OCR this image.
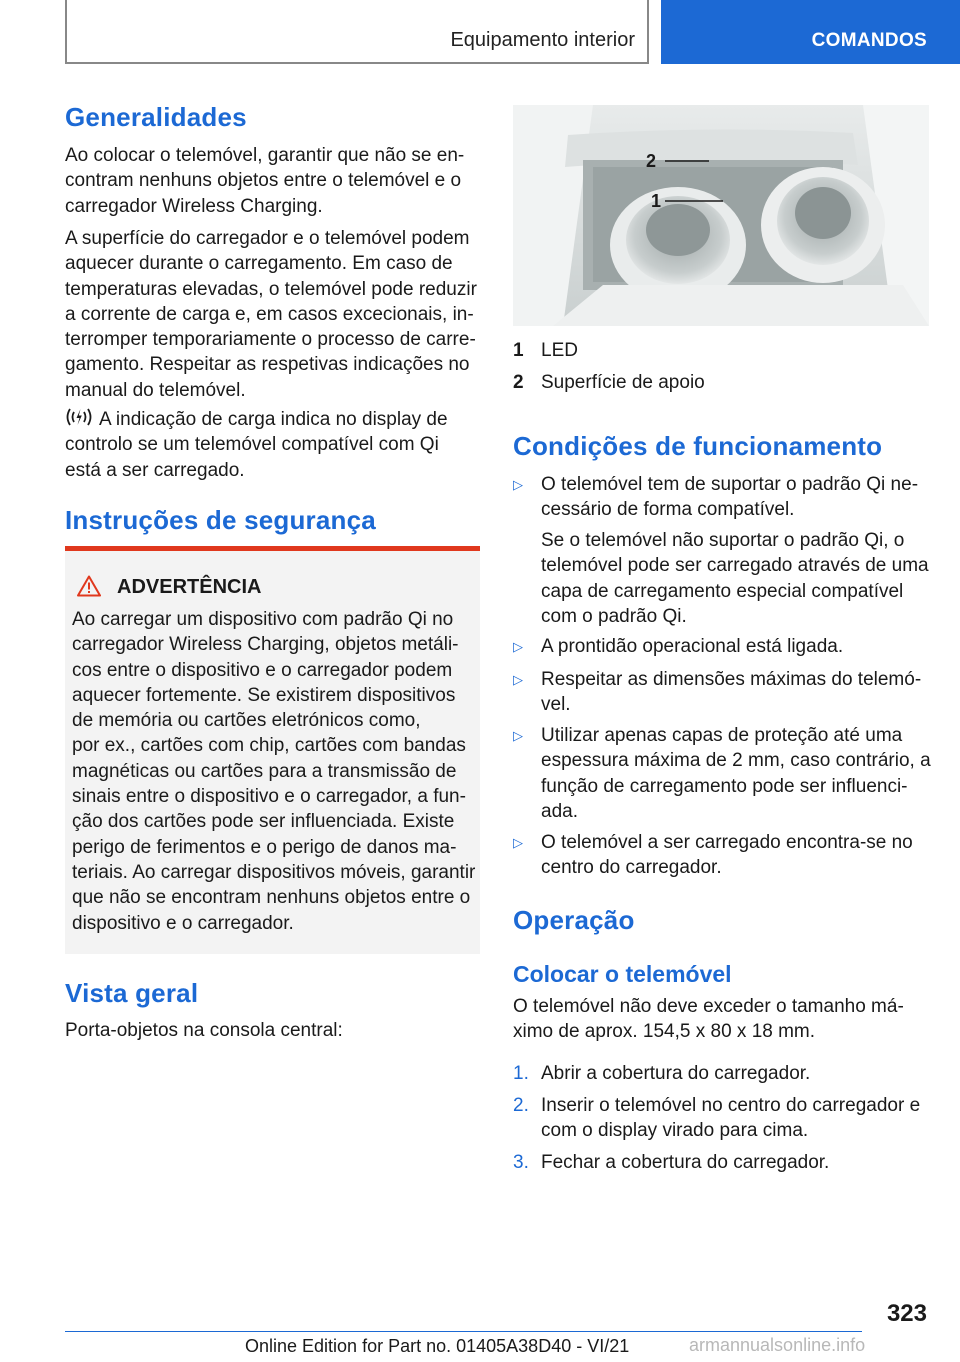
Equipamento interior	COMANDOS
Generalidades
Ao colocar o telemóvel, garantir que não se en-
contram nenhuns objetos entre o telemóvel e o
carregador Wireless Charging.
A superfície do carregador e o telemóvel podem
aquecer durante o carregamento. Em caso de
temperaturas elevadas, o telemóvel pode reduzir
a corrente de carga e, em casos excecionais, in-
terromper temporariamente o processo de carre-
gamento. Respeitar as respetivas indicações no
manual do telemóvel.
A indicação de carga indica no display de
controlo se um telemóvel compatível com Qi
está a ser carregado.
Instruções de segurança
ADVERTÊNCIA
Ao carregar um dispositivo com padrão Qi no
carregador Wireless Charging, objetos metáli-
cos entre o dispositivo e o carregador podem
aquecer fortemente. Se existirem dispositivos
de memória ou cartões eletrónicos como,
por ex., cartões com chip, cartões com bandas
magnéticas ou cartões para a transmissão de
sinais entre o dispositivo e o carregador, a fun-
ção dos cartões pode ser influenciada. Existe
perigo de ferimentos e o perigo de danos ma-
teriais. Ao carregar dispositivos móveis, garantir
que não se encontram nenhuns objetos entre o
dispositivo e o carregador.
Vista geral
Porta-objetos na consola central:
2
1
1 LED
2 Superfície de apoio
Condições de funcionamento
▷ O telemóvel tem de suportar o padrão Qi ne-
cessário de forma compatível.
Se o telemóvel não suportar o padrão Qi, o
telemóvel pode ser carregado através de uma
capa de carregamento especial compatível
com o padrão Qi.
▷ A prontidão operacional está ligada.
▷ Respeitar as dimensões máximas do telemó-
vel.
▷ Utilizar apenas capas de proteção até uma
espessura máxima de 2 mm, caso contrário, a
função de carregamento pode ser influenci-
ada.
▷ O telemóvel a ser carregado encontra-se no
centro do carregador.
Operação
Colocar o telemóvel
O telemóvel não deve exceder o tamanho má-
ximo de aprox. 154,5 x 80 x 18 mm.
1. Abrir a cobertura do carregador.
2. Inserir o telemóvel no centro do carregador e
com o display virado para cima.
3. Fechar a cobertura do carregador.
323
Online Edition for Part no. 01405A38D40 - VI/21	armannualsonline.info
